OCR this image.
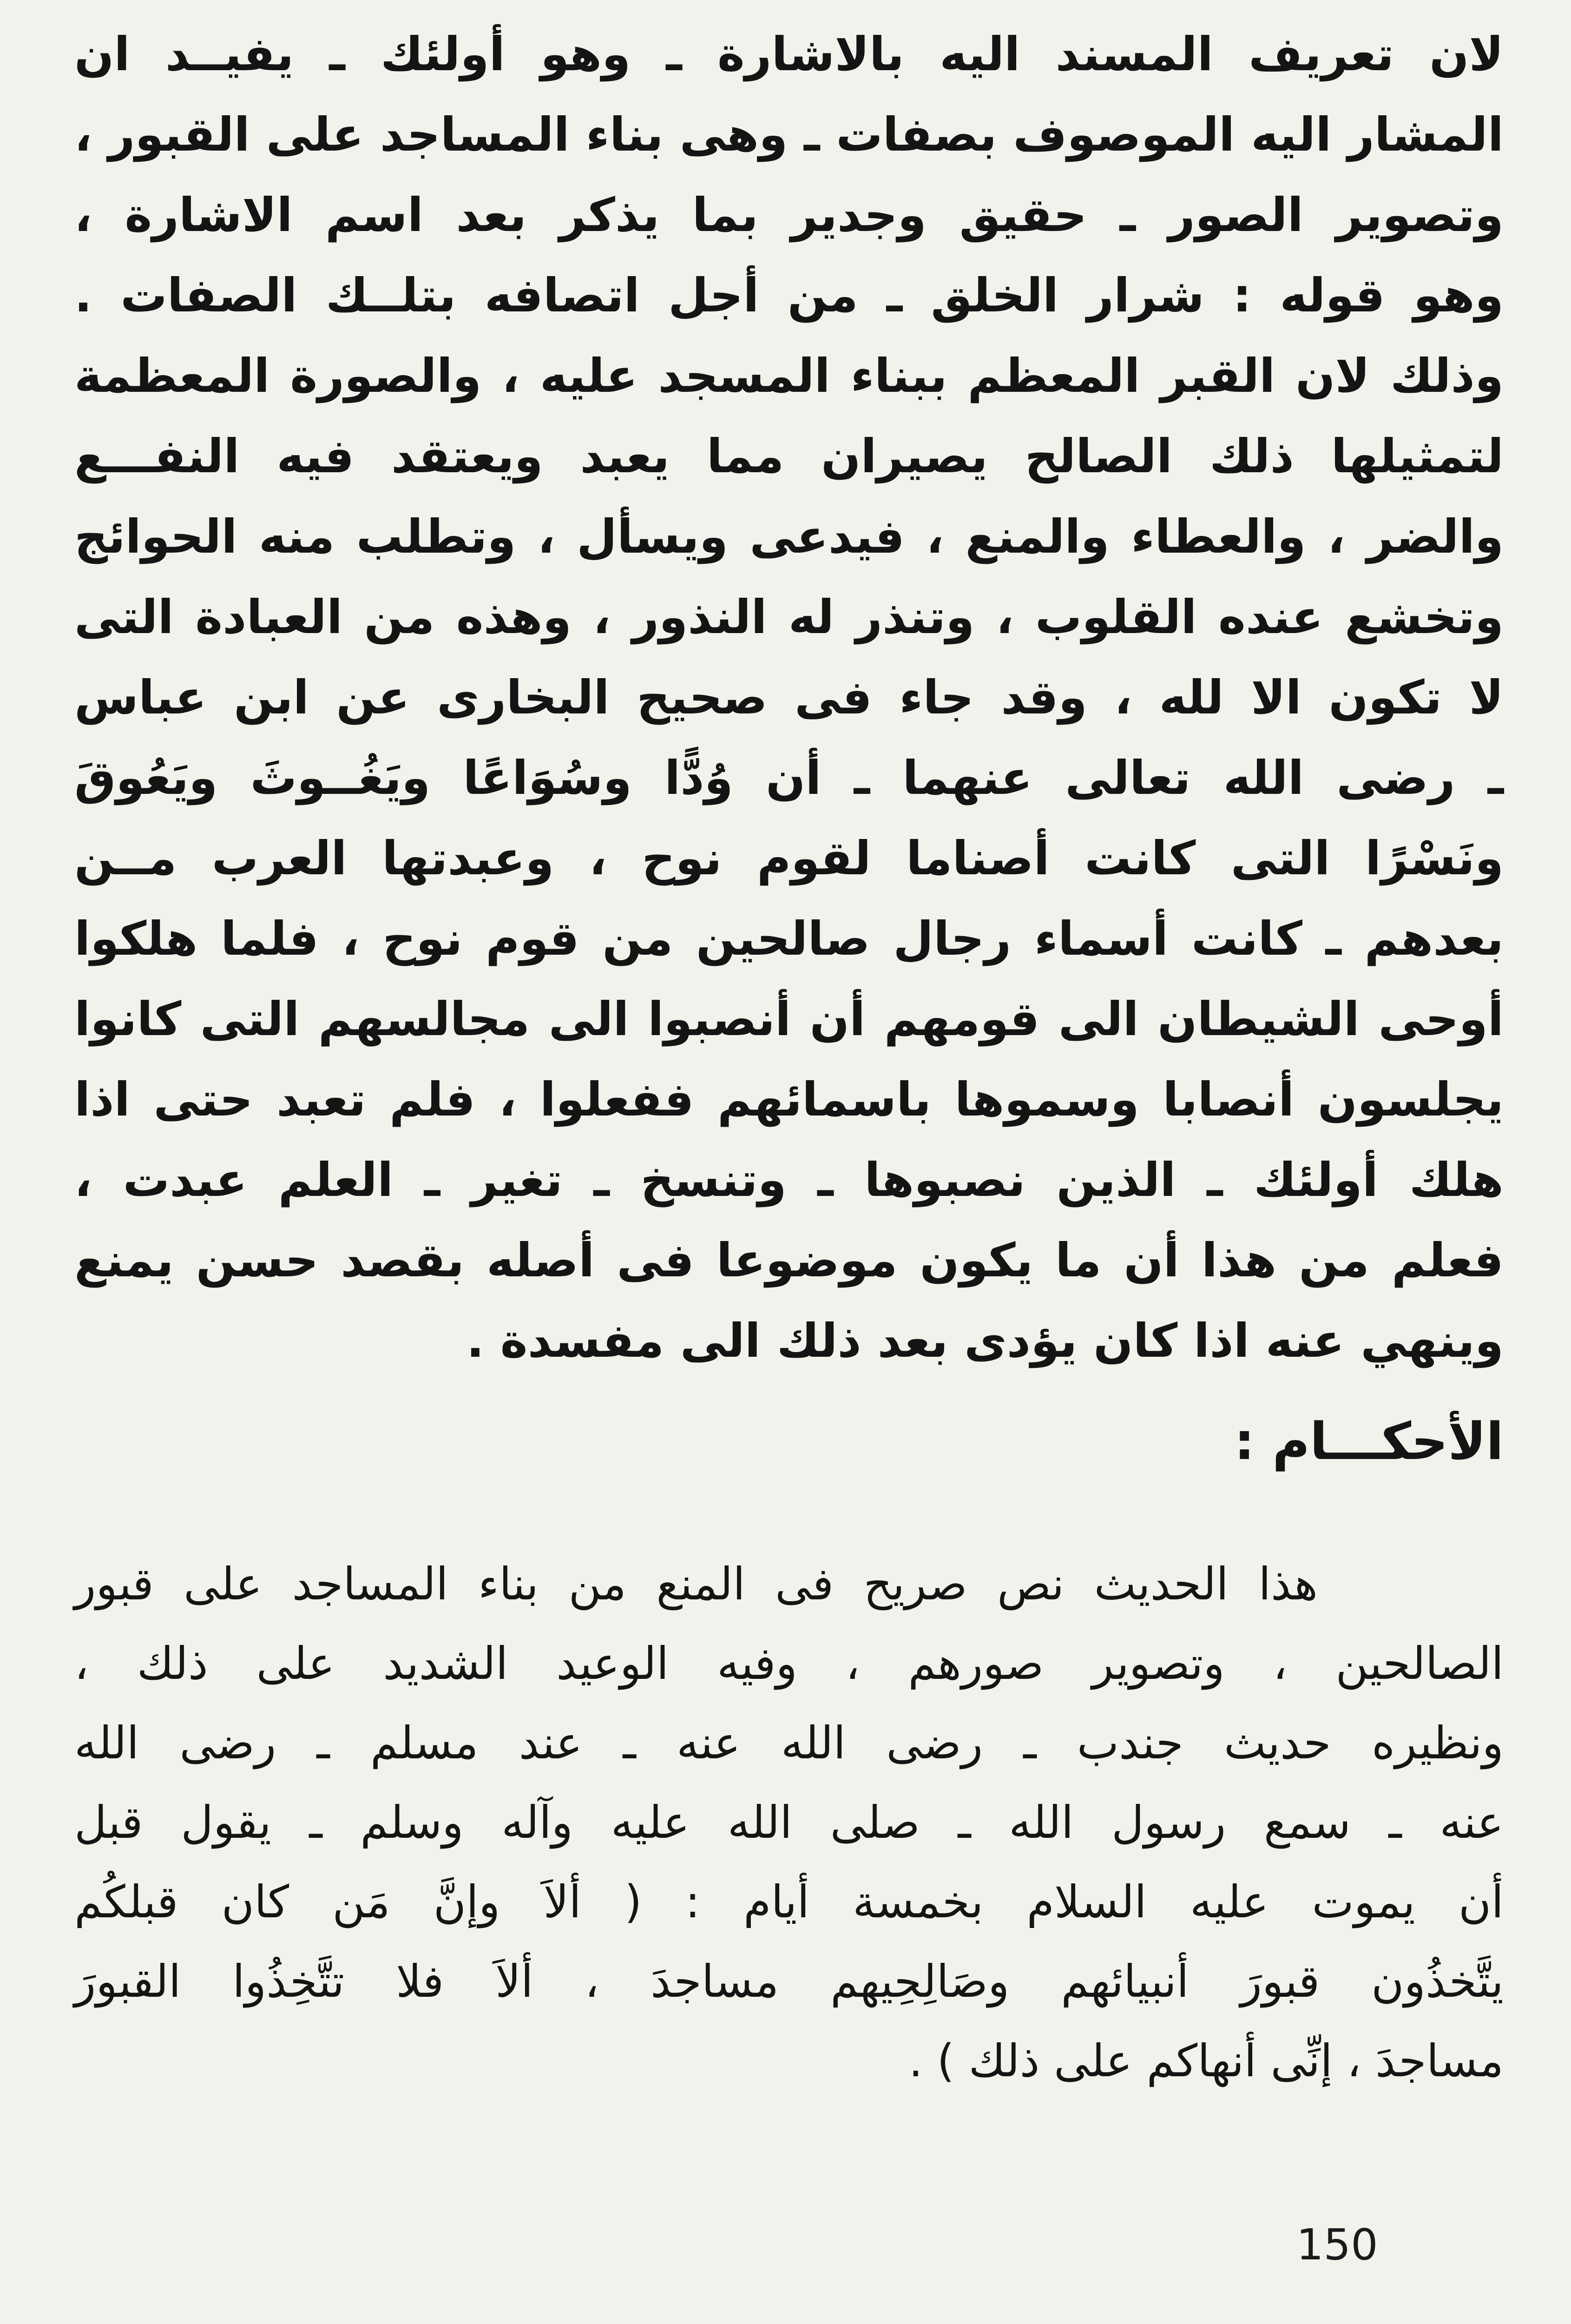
لان تعريف المسند اليه بالاشارة ـ وهو أولئك ـ يفيــد ان
المشار اليه الموصوف بصفات ـ وهى بناء المساجد على القبور ،
وتصوير الصور ـ حقيق وجدير بما يذكر بعد اسم الاشارة ،
وهو قوله : شرار الخلق ـ من أجل اتصافه بتلــك الصفات .
وذلك لان القبر المعظم ببناء المسجد عليه ، والصورة المعظمة
لتمثيلها ذلك الصالح يصيران مما يعبد ويعتقد فيه النفـــع
والضر ، والعطاء والمنع ، فيدعى ويسأل ، وتطلب منه الحوائج
وتخشع عنده القلوب ، وتنذر له النذور ، وهذه من العبادة التى
لا تكون الا لله ، وقد جاء فى صحيح البخارى عن ابن عباس
ـ رضى الله تعالى عنهما ـ أن وُدًّا وسُوَاعًا ويَغُــوثَ ويَعُوقَ
ونَسْرًا التى كانت أصناما لقوم نوح ، وعبدتها العرب مــن
بعدهم ـ كانت أسماء رجال صالحين من قوم نوح ، فلما هلكوا
أوحى الشيطان الى قومهم أن أنصبوا الى مجالسهم التى كانوا
يجلسون أنصابا وسموها باسمائهم ففعلوا ، فلم تعبد حتى اذا
هلك أولئك ـ الذين نصبوها ـ وتنسخ ـ تغير ـ العلم عبدت ،
فعلم من هذا أن ما يكون موضوعا فى أصله بقصد حسن يمنع
وينهي عنه اذا كان يؤدى بعد ذلك الى مفسدة .
الأحكـــام :
هذا الحديث نص صريح فى المنع من بناء المساجد على قبور
الصالحين ، وتصوير صورهم ، وفيه الوعيد الشديد على ذلك ،
ونظيره حديث جندب ـ رضى الله عنه ـ عند مسلم ـ رضى الله
عنه ـ سمع رسول الله ـ صلى الله عليه وآله وسلم ـ يقول قبل
أن يموت عليه السلام بخمسة أيام : ( ألاَ وإنَّ مَن كان قبلكُم
يتَّخذُون قبورَ أنبيائهم وصَالِحِيهم مساجدَ ، ألاَ فلا تتَّخِذُوا القبورَ
مساجدَ ، إنِّى أنهاكم على ذلك ) .
150
